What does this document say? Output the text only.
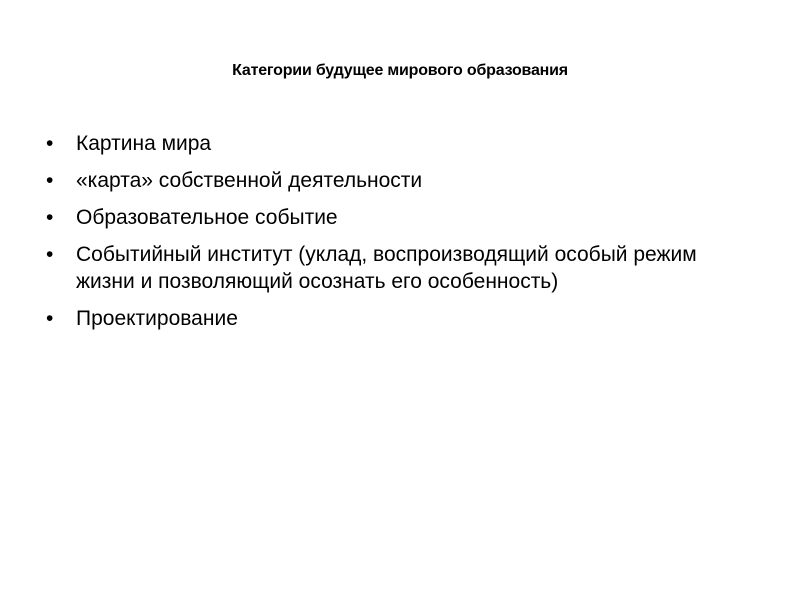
Категории будущее мирового образования
• Картина мира
• «карта» собственной деятельности
• Образовательное событие
• Событийный институт (уклад, воспроизводящий особый режим жизни и позволяющий осознать его особенность)
• Проектирование
